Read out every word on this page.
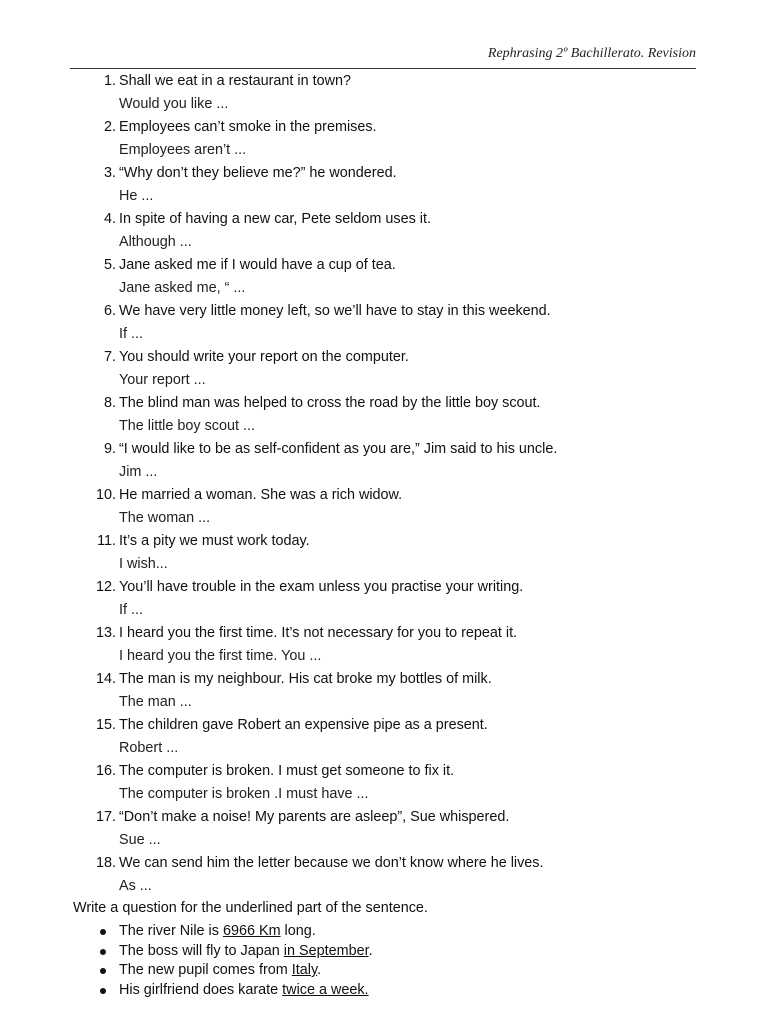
Rephrasing 2º Bachillerato. Revision
1. Shall we eat in a restaurant in town?
Would you like ...
2. Employees can’t smoke in the premises.
Employees aren’t ...
3. “Why don’t they believe me?” he wondered.
He ...
4. In spite of having a new car, Pete seldom uses it.
Although ...
5. Jane asked me if I would have a cup of tea.
Jane asked me, “ ...
6. We have very little money left, so we’ll have to stay in this weekend.
If ...
7. You should write your report on the computer.
Your report ...
8. The blind man was helped to cross the road by the little boy scout.
The little boy scout ...
9. “I would like to be as self-confident as you are,” Jim said to his uncle.
Jim ...
10. He married a woman. She was a rich widow.
The woman ...
11. It’s a pity we must work today.
I wish...
12. You’ll have trouble in the exam unless you practise your writing.
If ...
13. I heard you the first time. It’s not necessary for you to repeat it.
I heard you the first time. You ...
14. The man is my neighbour. His cat broke my bottles of milk.
The man ...
15. The children gave Robert an expensive pipe as a present.
Robert ...
16. The computer is broken. I must get someone to fix it.
The computer is broken .I must have ...
17. “Don’t make a noise! My parents are asleep”, Sue whispered.
Sue ...
18. We can send him the letter because we don’t know where he lives.
As ...
Write a question for the underlined part of the sentence.
The river Nile is 6966 Km long.
The boss will fly to Japan in September.
The new pupil comes from Italy.
His girlfriend does karate twice a week.
